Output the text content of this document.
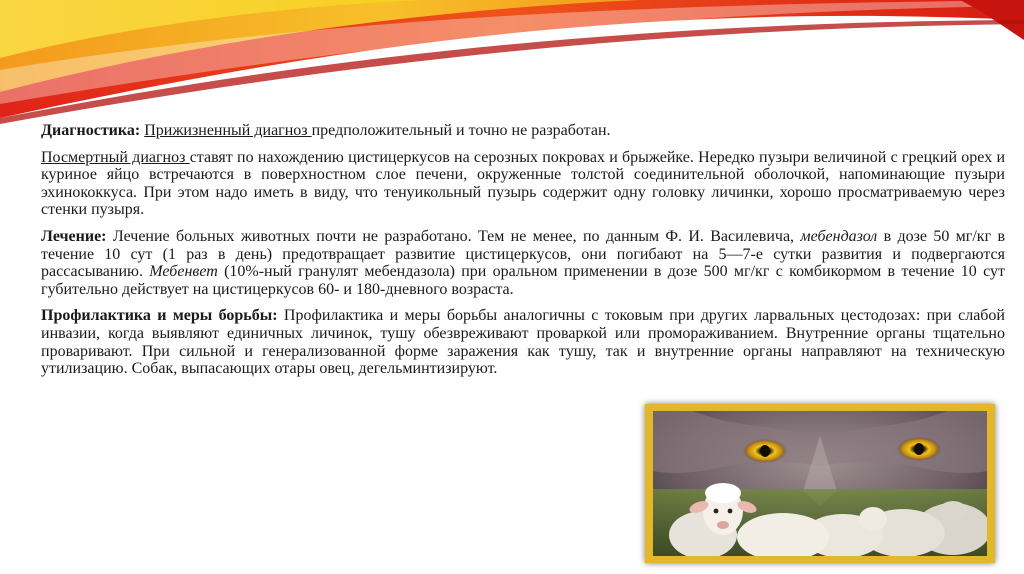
Диагностика: Прижизненный диагноз предположительный и точно не разработан.

Посмертный диагноз ставят по нахождению цистицеркусов на серозных покровах и брыжейке. Нередко пузыри величиной с грецкий орех и куриное яйцо встречаются в поверхностном слое печени, окруженные толстой соединительной оболочкой, напоминающие пузыри эхинококкуса. При этом надо иметь в виду, что тенуикольный пузырь содержит одну головку личинки, хорошо просматриваемую через стенки пузыря.

Лечение: Лечение больных животных почти не разработано. Тем не менее, по данным Ф. И. Василевича, мебендазол в дозе 50 мг/кг в течение 10 сут (1 раз в день) предотвращает развитие цистицеркусов, они погибают на 5—7-е сутки развития и подвергаются рассасыванию. Мебенвет (10%-ный гранулят мебендазола) при оральном применении в дозе 500 мг/кг с комбикормом в течение 10 сут губительно действует на цистицеркусов 60- и 180-дневного возраста.

Профилактика и меры борьбы: Профилактика и меры борьбы аналогичны с токовым при других ларвальных цестодозах: при слабой инвазии, когда выявляют единичных личинок, тушу обезвреживают проваркой или промораживанием. Внутренние органы тщательно проваривают. При сильной и генерализованной форме заражения как тушу, так и внутренние органы направляют на техническую утилизацию. Собак, выпасающих отары овец, дегельминтизируют.
